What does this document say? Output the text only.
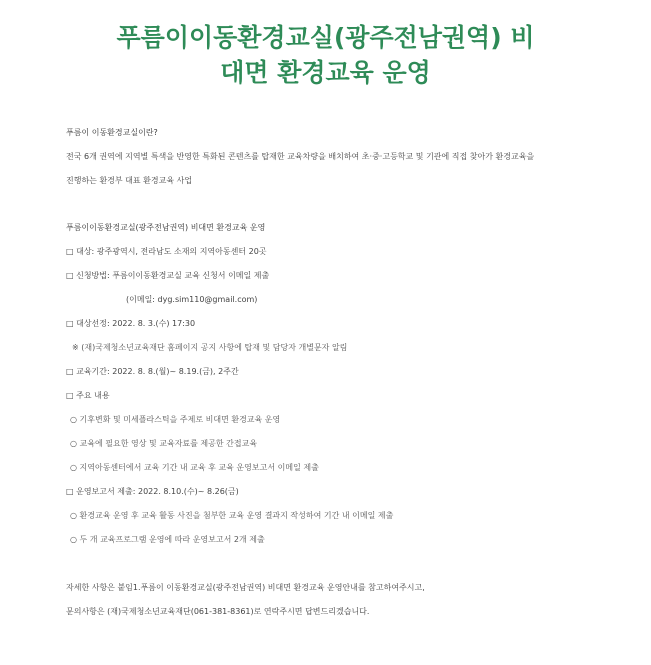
푸름이이동환경교실(광주전남권역) 비
대면 환경교육 운영
푸름이 이동환경교실이란?
전국 6개 권역에 지역별 특색을 반영한 특화된 콘텐츠를 탑재한 교육차량을 배치하여 초·중·고등학교 및 기관에 직접 찾아가 환경교육을
진행하는 환경부 대표 환경교육 사업
푸름이이동환경교실(광주전남권역) 비대면 환경교육 운영
□ 대상: 광주광역시, 전라남도 소재의 지역아동센터 20곳
□ 신청방법: 푸름이이동환경교실 교육 신청서 이메일 제출
(이메일: dyg.sim110@gmail.com)
□ 대상선정: 2022. 8. 3.(수) 17:30
※ (재)국제청소년교육재단 홈페이지 공지 사항에 탑재 및 담당자 개별문자 알림
□ 교육기간: 2022. 8. 8.(월)~ 8.19.(금), 2주간
□ 주요 내용
○ 기후변화 및 미세플라스틱을 주제로 비대면 환경교육 운영
○ 교육에 필요한 영상 및 교육자료를 제공한 간접교육
○ 지역아동센터에서 교육 기간 내 교육 후 교육 운영보고서 이메일 제출
□ 운영보고서 제출: 2022. 8.10.(수)~ 8.26(금)
○ 환경교육 운영 후 교육 활동 사진을 첨부한 교육 운영 결과지 작성하여 기간 내 이메일 제출
○ 두 개 교육프로그램 운영에 따라 운영보고서 2개 제출
자세한 사항은 붙임1.푸름이 이동환경교실(광주전남권역) 비대면 환경교육 운영안내를 참고하여주시고,
문의사항은 (재)국제청소년교육재단(061-381-8361)로 연락주시면 답변드리겠습니다.
